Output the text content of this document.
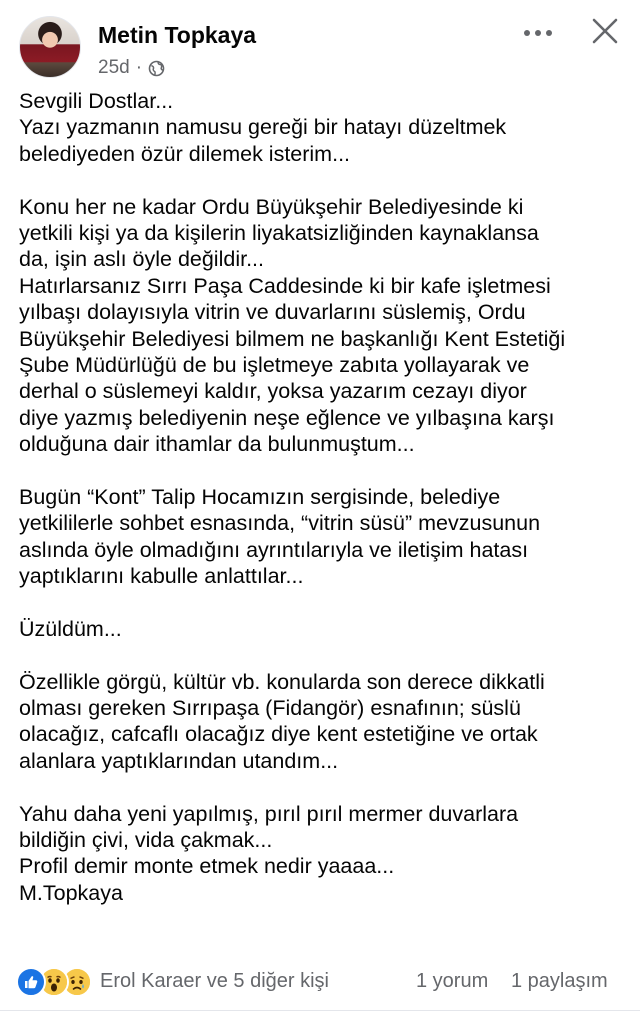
Metin Topkaya
25d ·
Sevgili Dostlar...
Yazı yazmanın namusu gereği bir hatayı düzeltmek
belediyeden özür dilemek isterim...
Konu her ne kadar Ordu Büyükşehir Belediyesinde ki
yetkili kişi ya da kişilerin liyakatsizliğinden kaynaklansa
da, işin aslı öyle değildir...
Hatırlarsanız Sırrı Paşa Caddesinde ki bir kafe işletmesi
yılbaşı dolayısıyla vitrin ve duvarlarını süslemiş, Ordu
Büyükşehir Belediyesi bilmem ne başkanlığı Kent Estetiği
Şube Müdürlüğü de bu işletmeye zabıta yollayarak ve
derhal o süslemeyi kaldır, yoksa yazarım cezayı diyor
diye yazmış belediyenin neşe eğlence ve yılbaşına karşı
olduğuna dair ithamlar da bulunmuştum...
Bugün “Kont” Talip Hocamızın sergisinde, belediye
yetkililerle sohbet esnasında, “vitrin süsü” mevzusunun
aslında öyle olmadığını ayrıntılarıyla ve iletişim hatası
yaptıklarını kabulle anlattılar...
Üzüldüm...
Özellikle görgü, kültür vb. konularda son derece dikkatli
olması gereken Sırrıpaşa (Fidangör) esnafının; süslü
olacağız, cafcaflı olacağız diye kent estetiğine ve ortak
alanlara yaptıklarından utandım...
Yahu daha yeni yapılmış, pırıl pırıl mermer duvarlara
bildiğin çivi, vida çakmak...
Profil demir monte etmek nedir yaaaa...
M.Topkaya
Erol Karaer ve 5 diğer kişi	1 yorum 1 paylaşım
